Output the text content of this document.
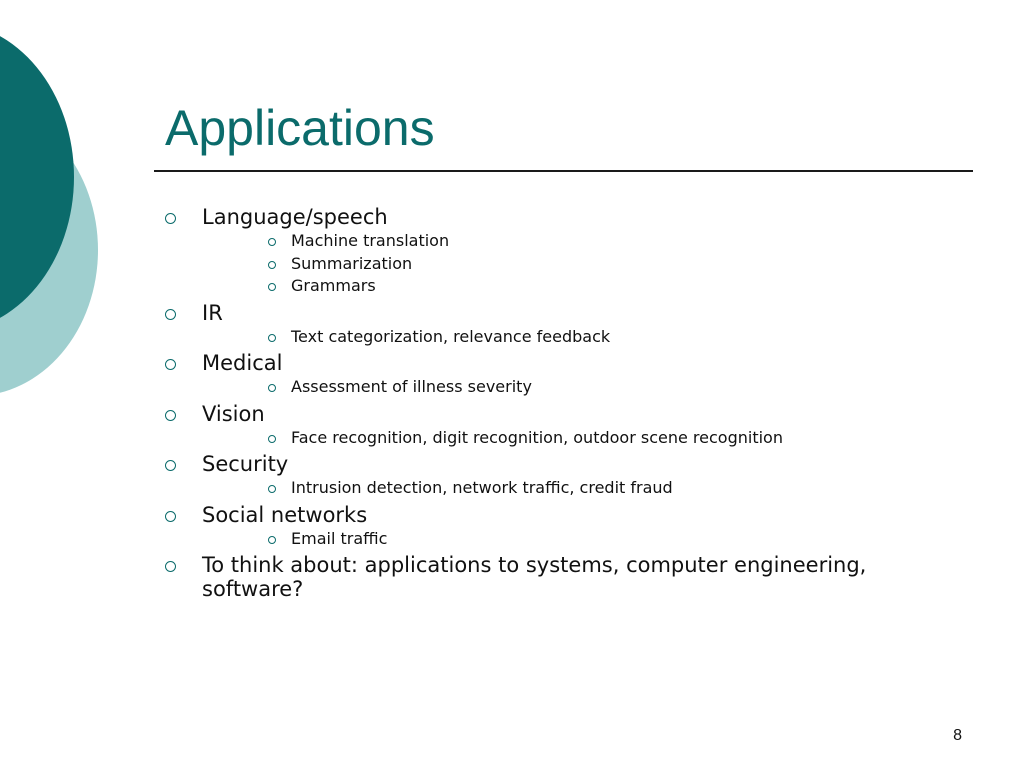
Applications
Language/speech
Machine translation
Summarization
Grammars
IR
Text categorization, relevance feedback
Medical
Assessment of illness severity
Vision
Face recognition, digit recognition, outdoor scene recognition
Security
Intrusion detection, network traffic, credit fraud
Social networks
Email traffic
To think about: applications to systems, computer engineering, software?
8
